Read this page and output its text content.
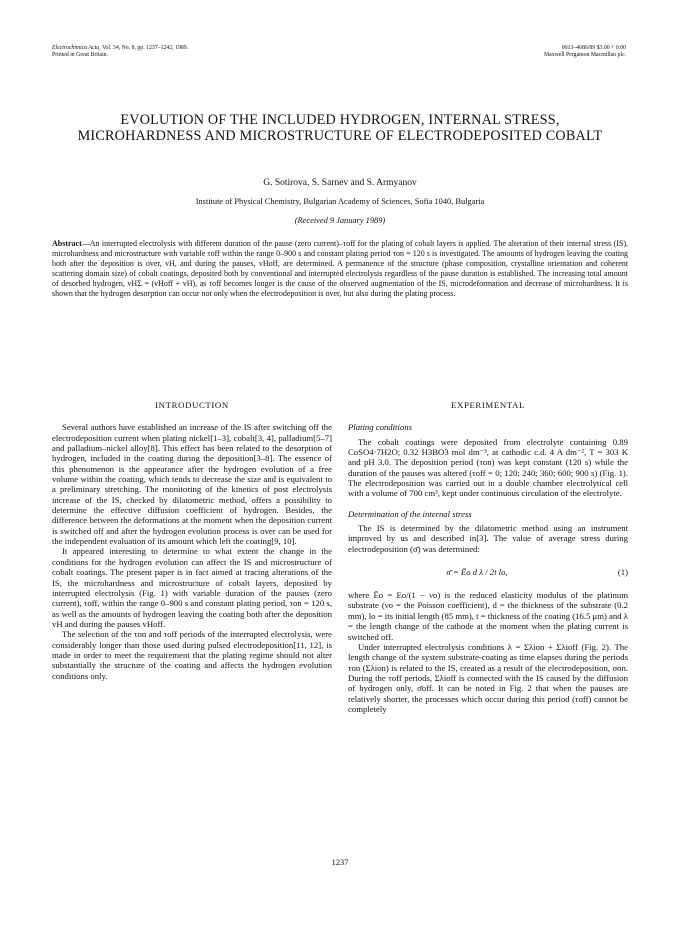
Electrochimica Acta, Vol. 34, No. 8, pp. 1237–1242, 1989.
Printed in Great Britain.
0013–4686/89 $3.00 + 0.00
Maxwell Pergamon Macmillan plc.
EVOLUTION OF THE INCLUDED HYDROGEN, INTERNAL STRESS, MICROHARDNESS AND MICROSTRUCTURE OF ELECTRODEPOSITED COBALT
G. Sotirova, S. Sarnev and S. Armyanov
Institute of Physical Chemistry, Bulgarian Academy of Sciences, Sofia 1040, Bulgaria
(Received 9 January 1989)

Abstract—An interrupted electrolysis with different duration of the pause (zero current)–τoff for the plating of cobalt layers is applied. The alteration of their internal stress (IS), microhardness and microstructure with variable τoff within the range 0–900 s and constant plating period τon = 120 s is investigated. The amounts of hydrogen leaving the coating both after the deposition is over, vH, and during the pauses, vHoff, are determined. A permanence of the structure (phase composition, crystalline orientation and coherent scattering domain size) of cobalt coatings, deposited both by conventional and interrupted electrolysis regardless of the pause duration is established. The increasing total amount of desorbed hydrogen, vHΣ = (vHoff + vH), as τoff becomes longer is the cause of the observed augmentation of the IS, microdeformation and decrease of microhardness. It is shown that the hydrogen desorption can occur not only when the electrodeposition is over, but also during the plating process.

INTRODUCTION

Several authors have established an increase of the IS after switching off the electrodeposition current when plating nickel[1–3], cobalt[3, 4], palladium[5–7] and palladium–nickel alloy[8]. This effect has been related to the desorption of hydrogen, included in the coating during the deposition[3–8]. The essence of this phenomenon is the appearance after the hydrogen evolution of a free volume within the coating, which tends to decrease the size and is equivalent to a preliminary stretching. The monitoring of the kinetics of post electrolysis increase of the IS, checked by dilatometric method, offers a possibility to determine the effective diffusion coefficient of hydrogen. Besides, the difference between the deformations at the moment when the deposition current is switched off and after the hydrogen evolution process is over can be used for the independent evaluation of its amount which left the coating[9, 10].

It appeared interesting to determine to what extent the change in the conditions for the hydrogen evolution can affect the IS and microstructure of cobalt coatings. The present paper is in fact aimed at tracing alterations of the IS, the microhardness and microstructure of cobalt layers, deposited by interrupted electrolysis (Fig. 1) with variable duration of the pauses (zero current), τoff, within the range 0–900 s and constant plating period, τon = 120 s, as well as the amounts of hydrogen leaving the coating both after the deposition vH and during the pauses vHoff.

The selection of the τon and τoff periods of the interrupted electrolysis, were considerably longer than those used during pulsed electrodeposition[11, 12], is made in order to meet the requirement that the plating regime should not alter substantially the structure of the coating and affects the hydrogen evolution conditions only.

EXPERIMENTAL
Plating conditions

The cobalt coatings were deposited from electrolyte containing 0.89 CoSO4·7H2O; 0.32 H3BO3 mol dm⁻³, at cathodic c.d. 4 A dm⁻², T = 303 K and pH 3.0. The deposition period (τon) was kept constant (120 s) while the duration of the pauses was altered (τoff = 0; 120; 240; 360; 600; 900 s) (Fig. 1). The electrodeposition was carried out in a double chamber electrolytical cell with a volume of 700 cm³, kept under continuous circulation of the electrolyte.

Determination of the internal stress

The IS is determined by the dilatometric method using an instrument improved by us and described in[3]. The value of average stress during electrodeposition (σ̄) was determined:

σ̄ = Ēo d λ / 2t lo,	(1)

where Ēo = Eo/(1 − νo) is the reduced elasticity modulus of the platinum substrate (νo = the Poisson coefficient), d = the thickness of the substrate (0.2 mm), lo = its initial length (85 mm), t = thickness of the coating (16.5 μm) and λ = the length change of the cathode at the moment when the plating current is switched off.

Under interrupted electrolysis conditions λ = Σλion + Σλioff (Fig. 2). The length change of the system substrate-coating as time elapses during the periods τon (Σλion) is related to the IS, created as a result of the electrodeposition, σon. During the τoff periods, Σλioff is connected with the IS caused by the diffusion of hydrogen only, σ̄off. It can be noted in Fig. 2 that when the pauses are relatively shorter, the processes which occur during this period (τoff) cannot be completely

1237
